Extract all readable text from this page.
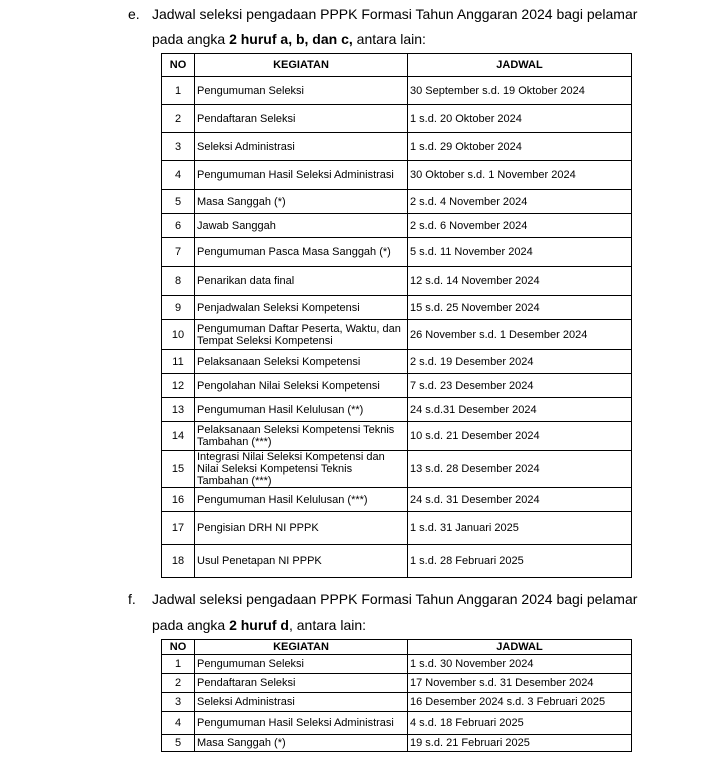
e. Jadwal seleksi pengadaan PPPK Formasi Tahun Anggaran 2024 bagi pelamar
pada angka 2 huruf a, b, dan c, antara lain:
NO	KEGIATAN	JADWAL
1	Pengumuman Seleksi	30 September s.d. 19 Oktober 2024
2	Pendaftaran Seleksi	1 s.d. 20 Oktober 2024
3	Seleksi Administrasi	1 s.d. 29 Oktober 2024
4	Pengumuman Hasil Seleksi Administrasi	30 Oktober s.d. 1 November 2024
5	Masa Sanggah (*)	2 s.d. 4 November 2024
6	Jawab Sanggah	2 s.d. 6 November 2024
7	Pengumuman Pasca Masa Sanggah (*)	5 s.d. 11 November 2024
8	Penarikan data final	12 s.d. 14 November 2024
9	Penjadwalan Seleksi Kompetensi	15 s.d. 25 November 2024
10	Pengumuman Daftar Peserta, Waktu, dan Tempat Seleksi Kompetensi	26 November s.d. 1 Desember 2024
11	Pelaksanaan Seleksi Kompetensi	2 s.d. 19 Desember 2024
12	Pengolahan Nilai Seleksi Kompetensi	7 s.d. 23 Desember 2024
13	Pengumuman Hasil Kelulusan (**)	24 s.d.31 Desember 2024
14	Pelaksanaan Seleksi Kompetensi Teknis Tambahan (***)	10 s.d. 21 Desember 2024
15	Integrasi Nilai Seleksi Kompetensi dan Nilai Seleksi Kompetensi Teknis Tambahan (***)	13 s.d. 28 Desember 2024
16	Pengumuman Hasil Kelulusan (***)	24 s.d. 31 Desember 2024
17	Pengisian DRH NI PPPK	1 s.d. 31 Januari 2025
18	Usul Penetapan NI PPPK	1 s.d. 28 Februari 2025
f. Jadwal seleksi pengadaan PPPK Formasi Tahun Anggaran 2024 bagi pelamar
pada angka 2 huruf d, antara lain:
NO	KEGIATAN	JADWAL
1	Pengumuman Seleksi	1 s.d. 30 November 2024
2	Pendaftaran Seleksi	17 November s.d. 31 Desember 2024
3	Seleksi Administrasi	16 Desember 2024 s.d. 3 Februari 2025
4	Pengumuman Hasil Seleksi Administrasi	4 s.d. 18 Februari 2025
5	Masa Sanggah (*)	19 s.d. 21 Februari 2025
